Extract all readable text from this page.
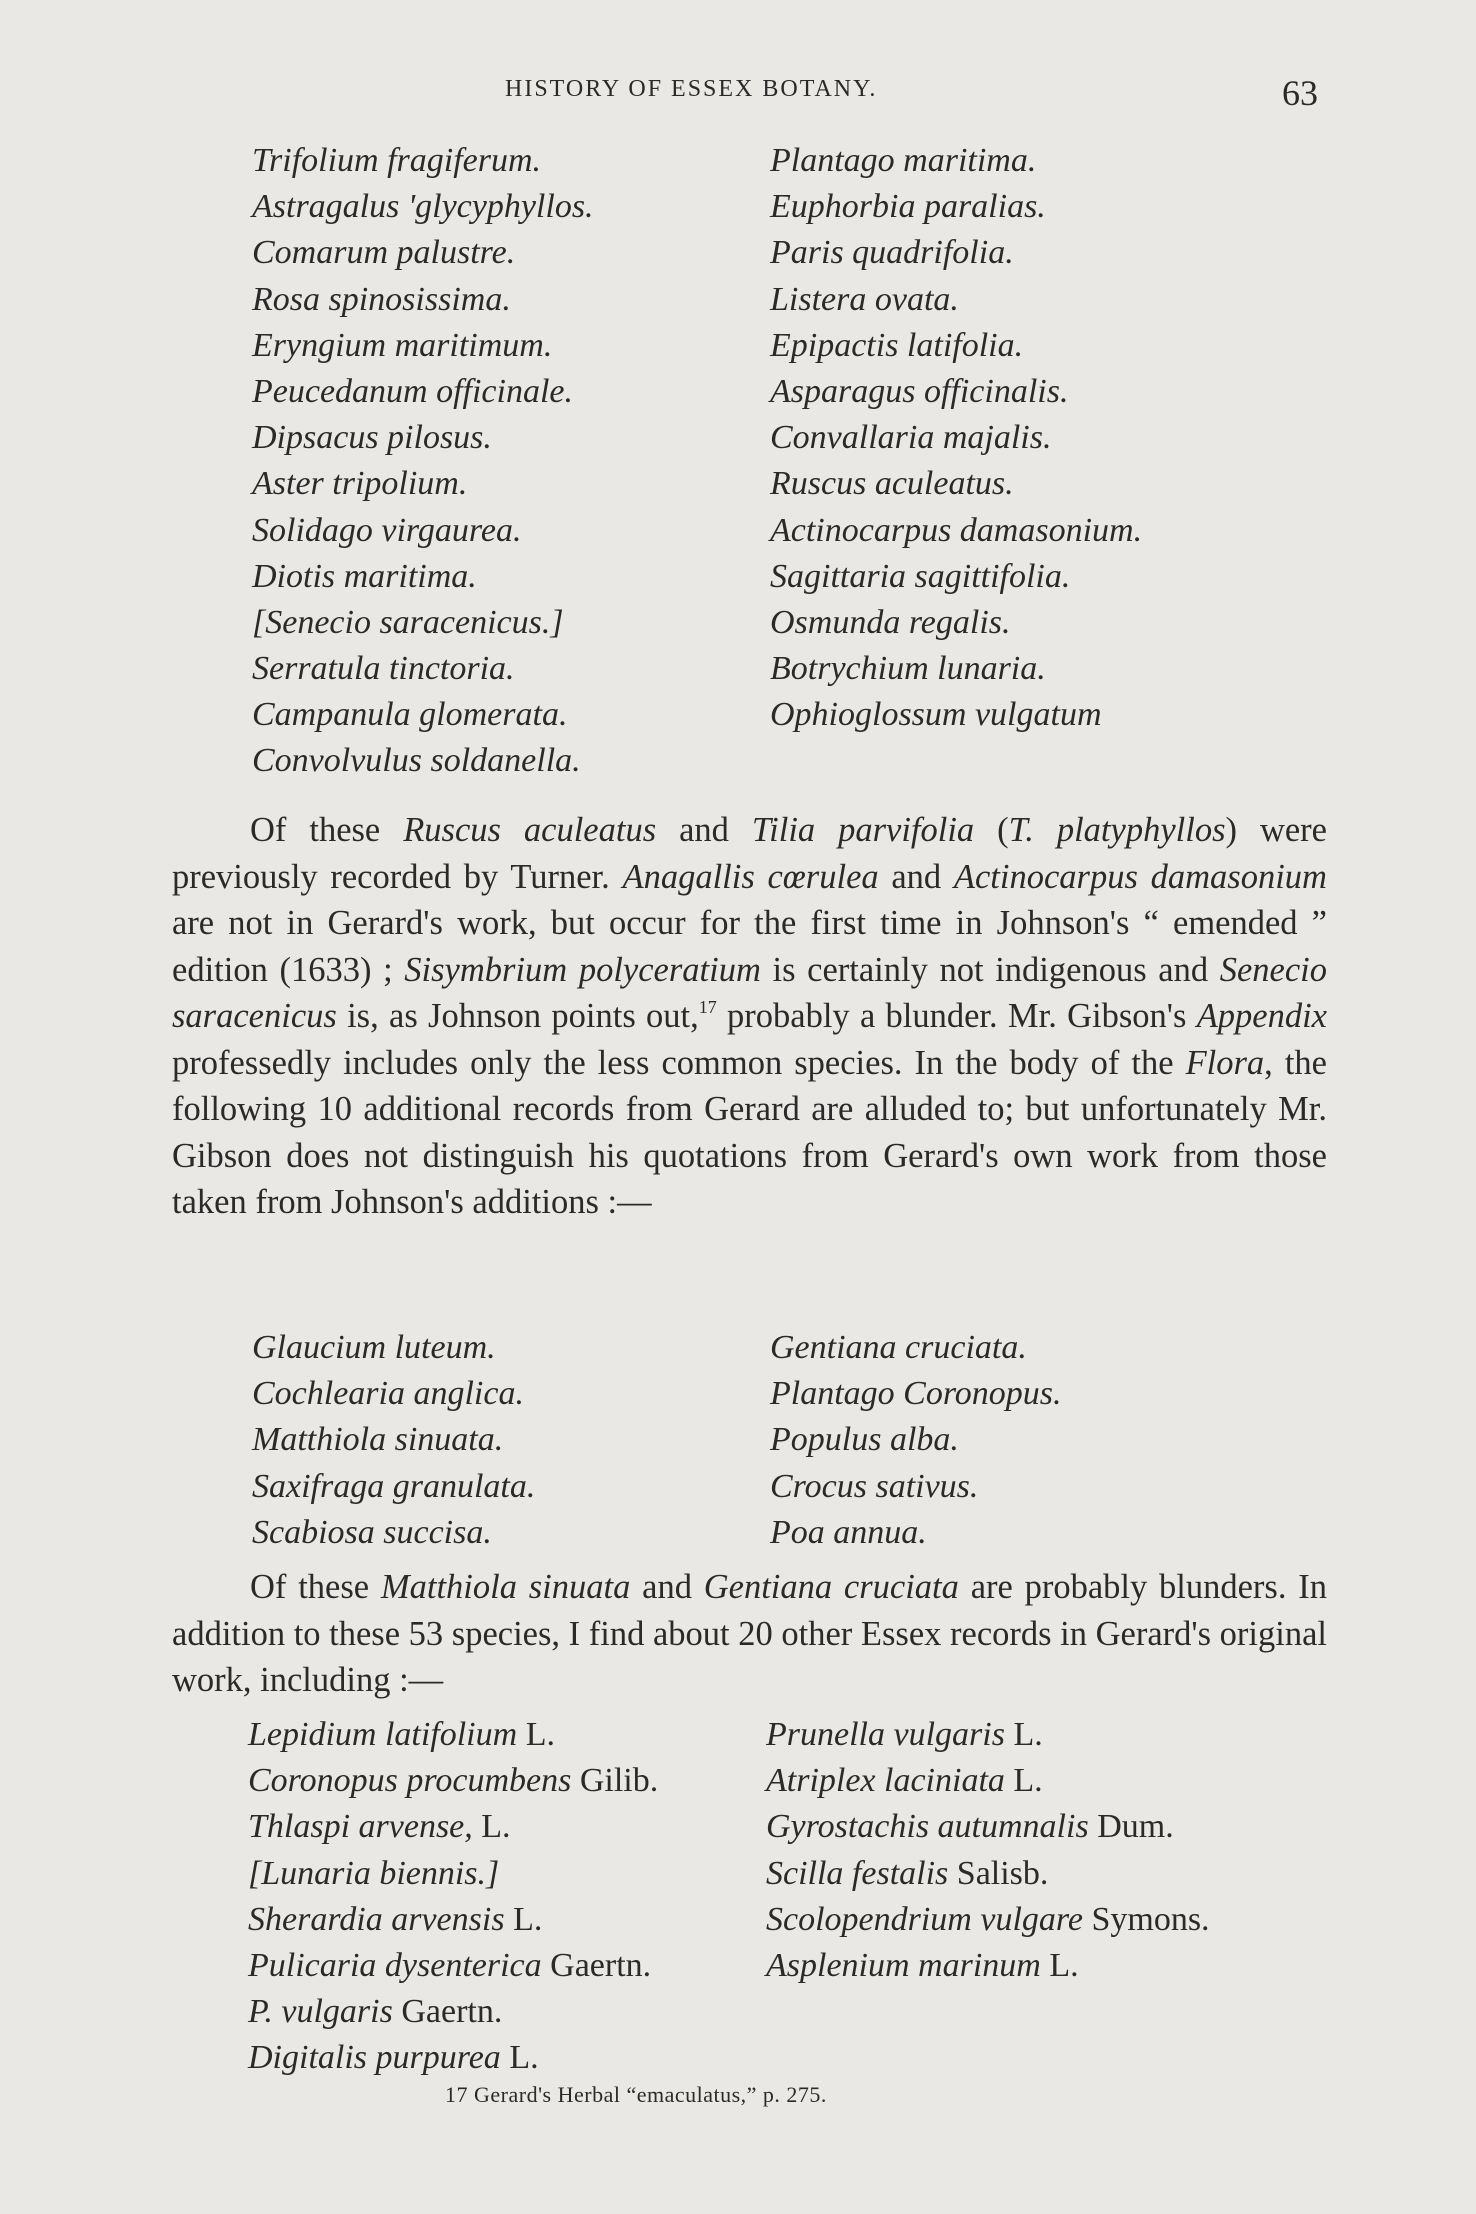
HISTORY OF ESSEX BOTANY.	63
Trifolium fragiferum.
Astragalus 'glycyphyllos.
Comarum palustre.
Rosa spinosissima.
Eryngium maritimum.
Peucedanum officinale.
Dipsacus pilosus.
Aster tripolium.
Solidago virgaurea.
Diotis maritima.
[Senecio saracenicus.]
Serratula tinctoria.
Campanula glomerata.
Convolvulus soldanella.
Plantago maritima.
Euphorbia paralias.
Paris quadrifolia.
Listera ovata.
Epipactis latifolia.
Asparagus officinalis.
Convallaria majalis.
Ruscus aculeatus.
Actinocarpus damasonium.
Sagittaria sagittifolia.
Osmunda regalis.
Botrychium lunaria.
Ophioglossum vulgatum

Of these Ruscus aculeatus and Tilia parvifolia (T. platyphyllos) were previously recorded by Turner. Anagallis cœrulea and Actinocarpus damasonium are not in Gerard's work, but occur for the first time in Johnson's “ emended ” edition (1633) ; Sisymbrium polyceratium is certainly not indigenous and Senecio saracenicus is, as Johnson points out,$^{17}$ probably a blunder. Mr. Gibson's Appendix professedly includes only the less common species. In the body of the Flora, the following 10 additional records from Gerard are alluded to; but unfortunately Mr. Gibson does not distinguish his quotations from Gerard's own work from those taken from Johnson's additions :—

Glaucium luteum.
Cochlearia anglica.
Matthiola sinuata.
Saxifraga granulata.
Scabiosa succisa.
Gentiana cruciata.
Plantago Coronopus.
Populus alba.
Crocus sativus.
Poa annua.

Of these Matthiola sinuata and Gentiana cruciata are probably blunders. In addition to these 53 species, I find about 20 other Essex records in Gerard's original work, including :—

Lepidium latifolium L.
Coronopus procumbens Gilib.
Thlaspi arvense, L.
[Lunaria biennis.]
Sherardia arvensis L.
Pulicaria dysenterica Gaertn.
P. vulgaris Gaertn.
Digitalis purpurea L.
Prunella vulgaris L.
Atriplex laciniata L.
Gyrostachis autumnalis Dum.
Scilla festalis Salisb.
Scolopendrium vulgare Symons.
Asplenium marinum L.
17 Gerard's Herbal “emaculatus,” p. 275.
